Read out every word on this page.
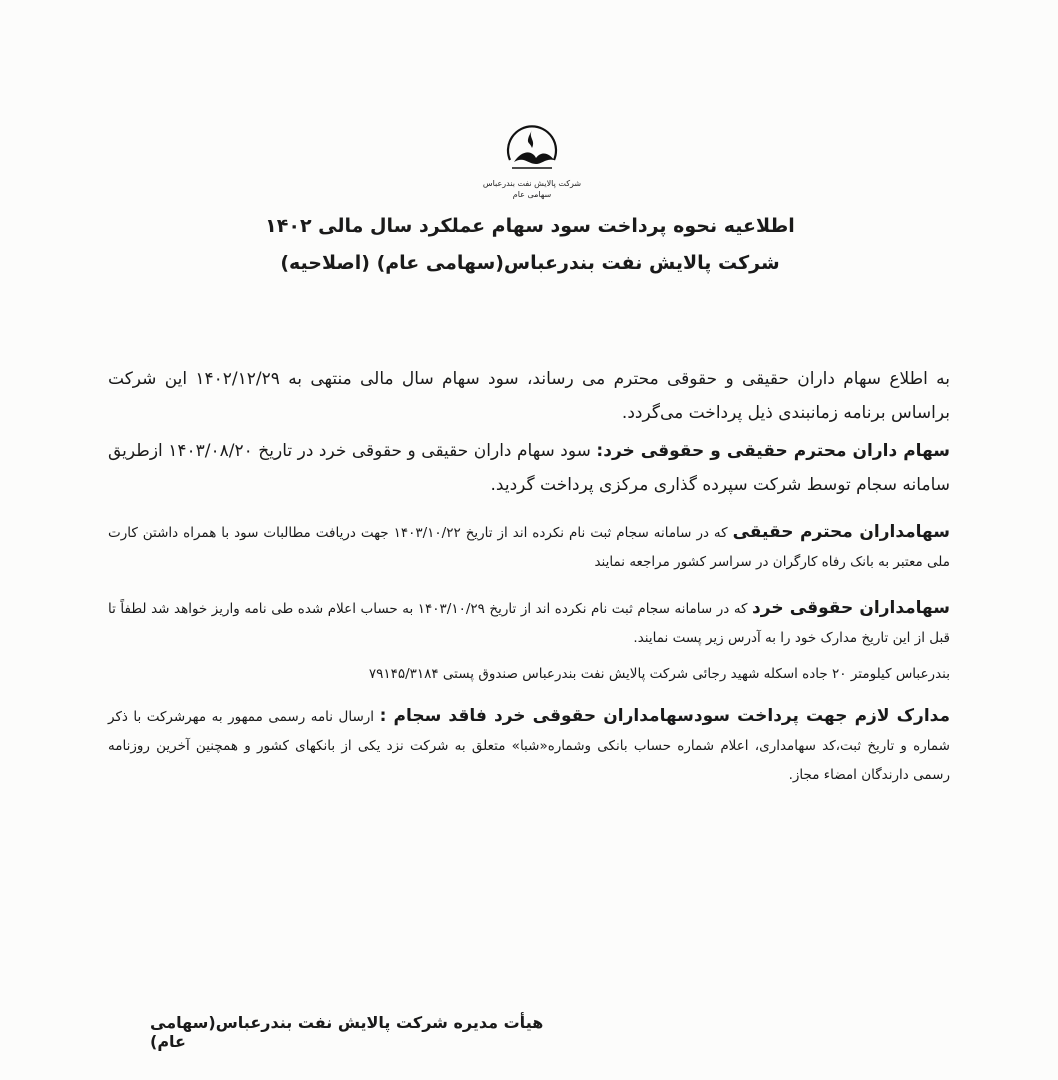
شرکت پالایش نفت بندرعباس
سهامی عام
اطلاعیه نحوه پرداخت سود سهام عملکرد سال مالی ۱۴۰۲
شرکت پالایش نفت بندرعباس(سهامی عام) (اصلاحیه)
به اطلاع سهام داران حقیقی و حقوقی محترم می رساند، سود سهام سال مالی منتهی به ۱۴۰۲/۱۲/۲۹ این شرکت براساس برنامه زمانبندی ذیل پرداخت می‌گردد.
سهام داران محترم حقیقی و حقوقی خرد: سود سهام داران حقیقی و حقوقی خرد در تاریخ ۱۴۰۳/۰۸/۲۰ ازطریق سامانه سجام توسط شرکت سپرده گذاری مرکزی پرداخت گردید.
سهامداران محترم حقیقی که در سامانه سجام ثبت نام نکرده اند از تاریخ ۱۴۰۳/۱۰/۲۲ جهت دریافت مطالبات سود با همراه داشتن کارت ملی معتبر به بانک رفاه کارگران در سراسر کشور مراجعه نمایند
سهامداران حقوقی خرد که در سامانه سجام ثبت نام نکرده اند از تاریخ ۱۴۰۳/۱۰/۲۹ به حساب اعلام شده طی نامه واریز خواهد شد لطفاً تا قبل از این تاریخ مدارک خود را به آدرس زیر پست نمایند.
بندرعباس کیلومتر ۲۰ جاده اسکله شهید رجائی شرکت پالایش نفت بندرعباس صندوق پستی ۷۹۱۴۵/۳۱۸۴
مدارک لازم جهت پرداخت سودسهامداران حقوقی خرد فاقد سجام : ارسال نامه رسمی ممهور به مهرشرکت با ذکر شماره و تاریخ ثبت،کد سهامداری، اعلام شماره حساب بانکی وشماره«شبا» متعلق به شرکت نزد یکی از بانکهای کشور و همچنین آخرین روزنامه رسمی دارندگان امضاء مجاز.
هیأت مدیره شرکت پالایش نفت بندرعباس(سهامی عام)
